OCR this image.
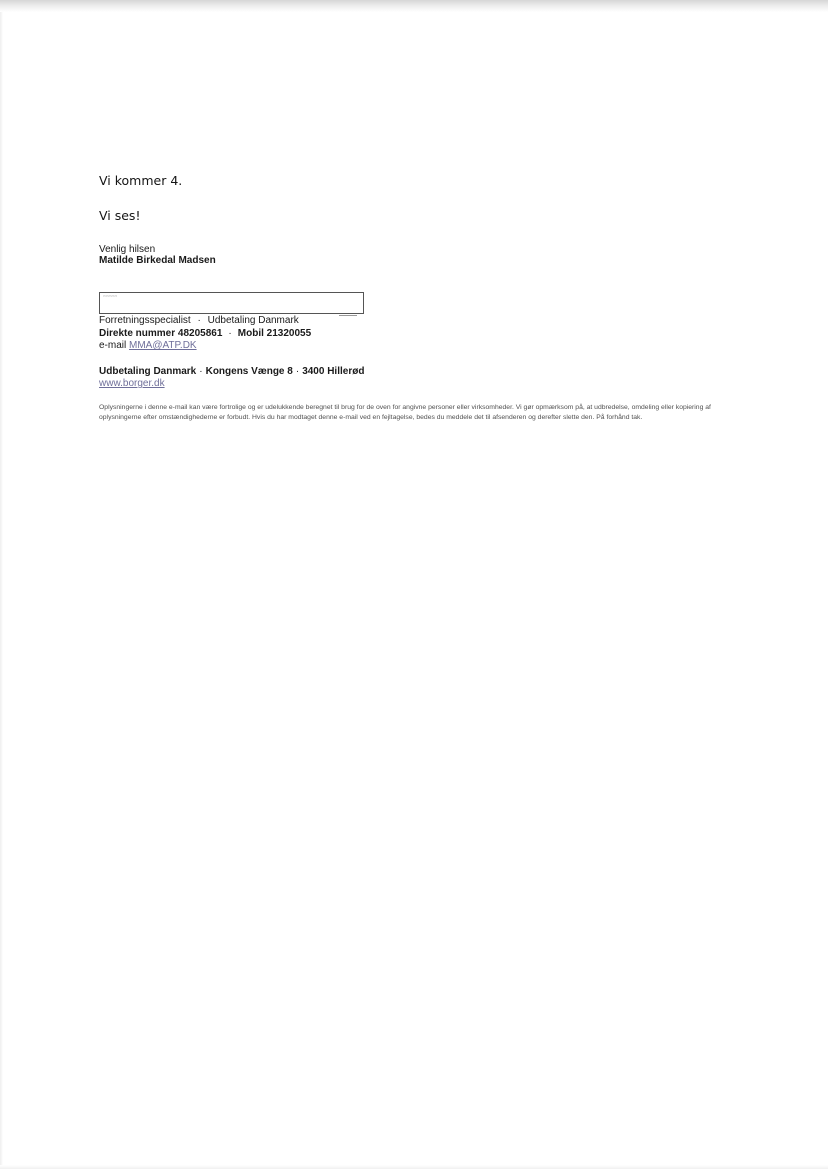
Vi kommer 4.
Vi ses!
Venlig hilsen
Matilde Birkedal Madsen
▭▭▭▭▭
Forretningsspecialist · Udbetaling Danmark
Direkte nummer 48205861 · Mobil 21320055
e-mail MMA@ATP.DK
Udbetaling Danmark · Kongens Vænge 8 · 3400 Hillerød
www.borger.dk
Oplysningerne i denne e-mail kan være fortrolige og er udelukkende beregnet til brug for de oven for angivne personer eller virksomheder. Vi gør opmærksom på, at udbredelse, omdeling eller kopiering af oplysningerne efter omstændighederne er forbudt. Hvis du har modtaget denne e-mail ved en fejltagelse, bedes du meddele det til afsenderen og derefter slette den. På forhånd tak.
